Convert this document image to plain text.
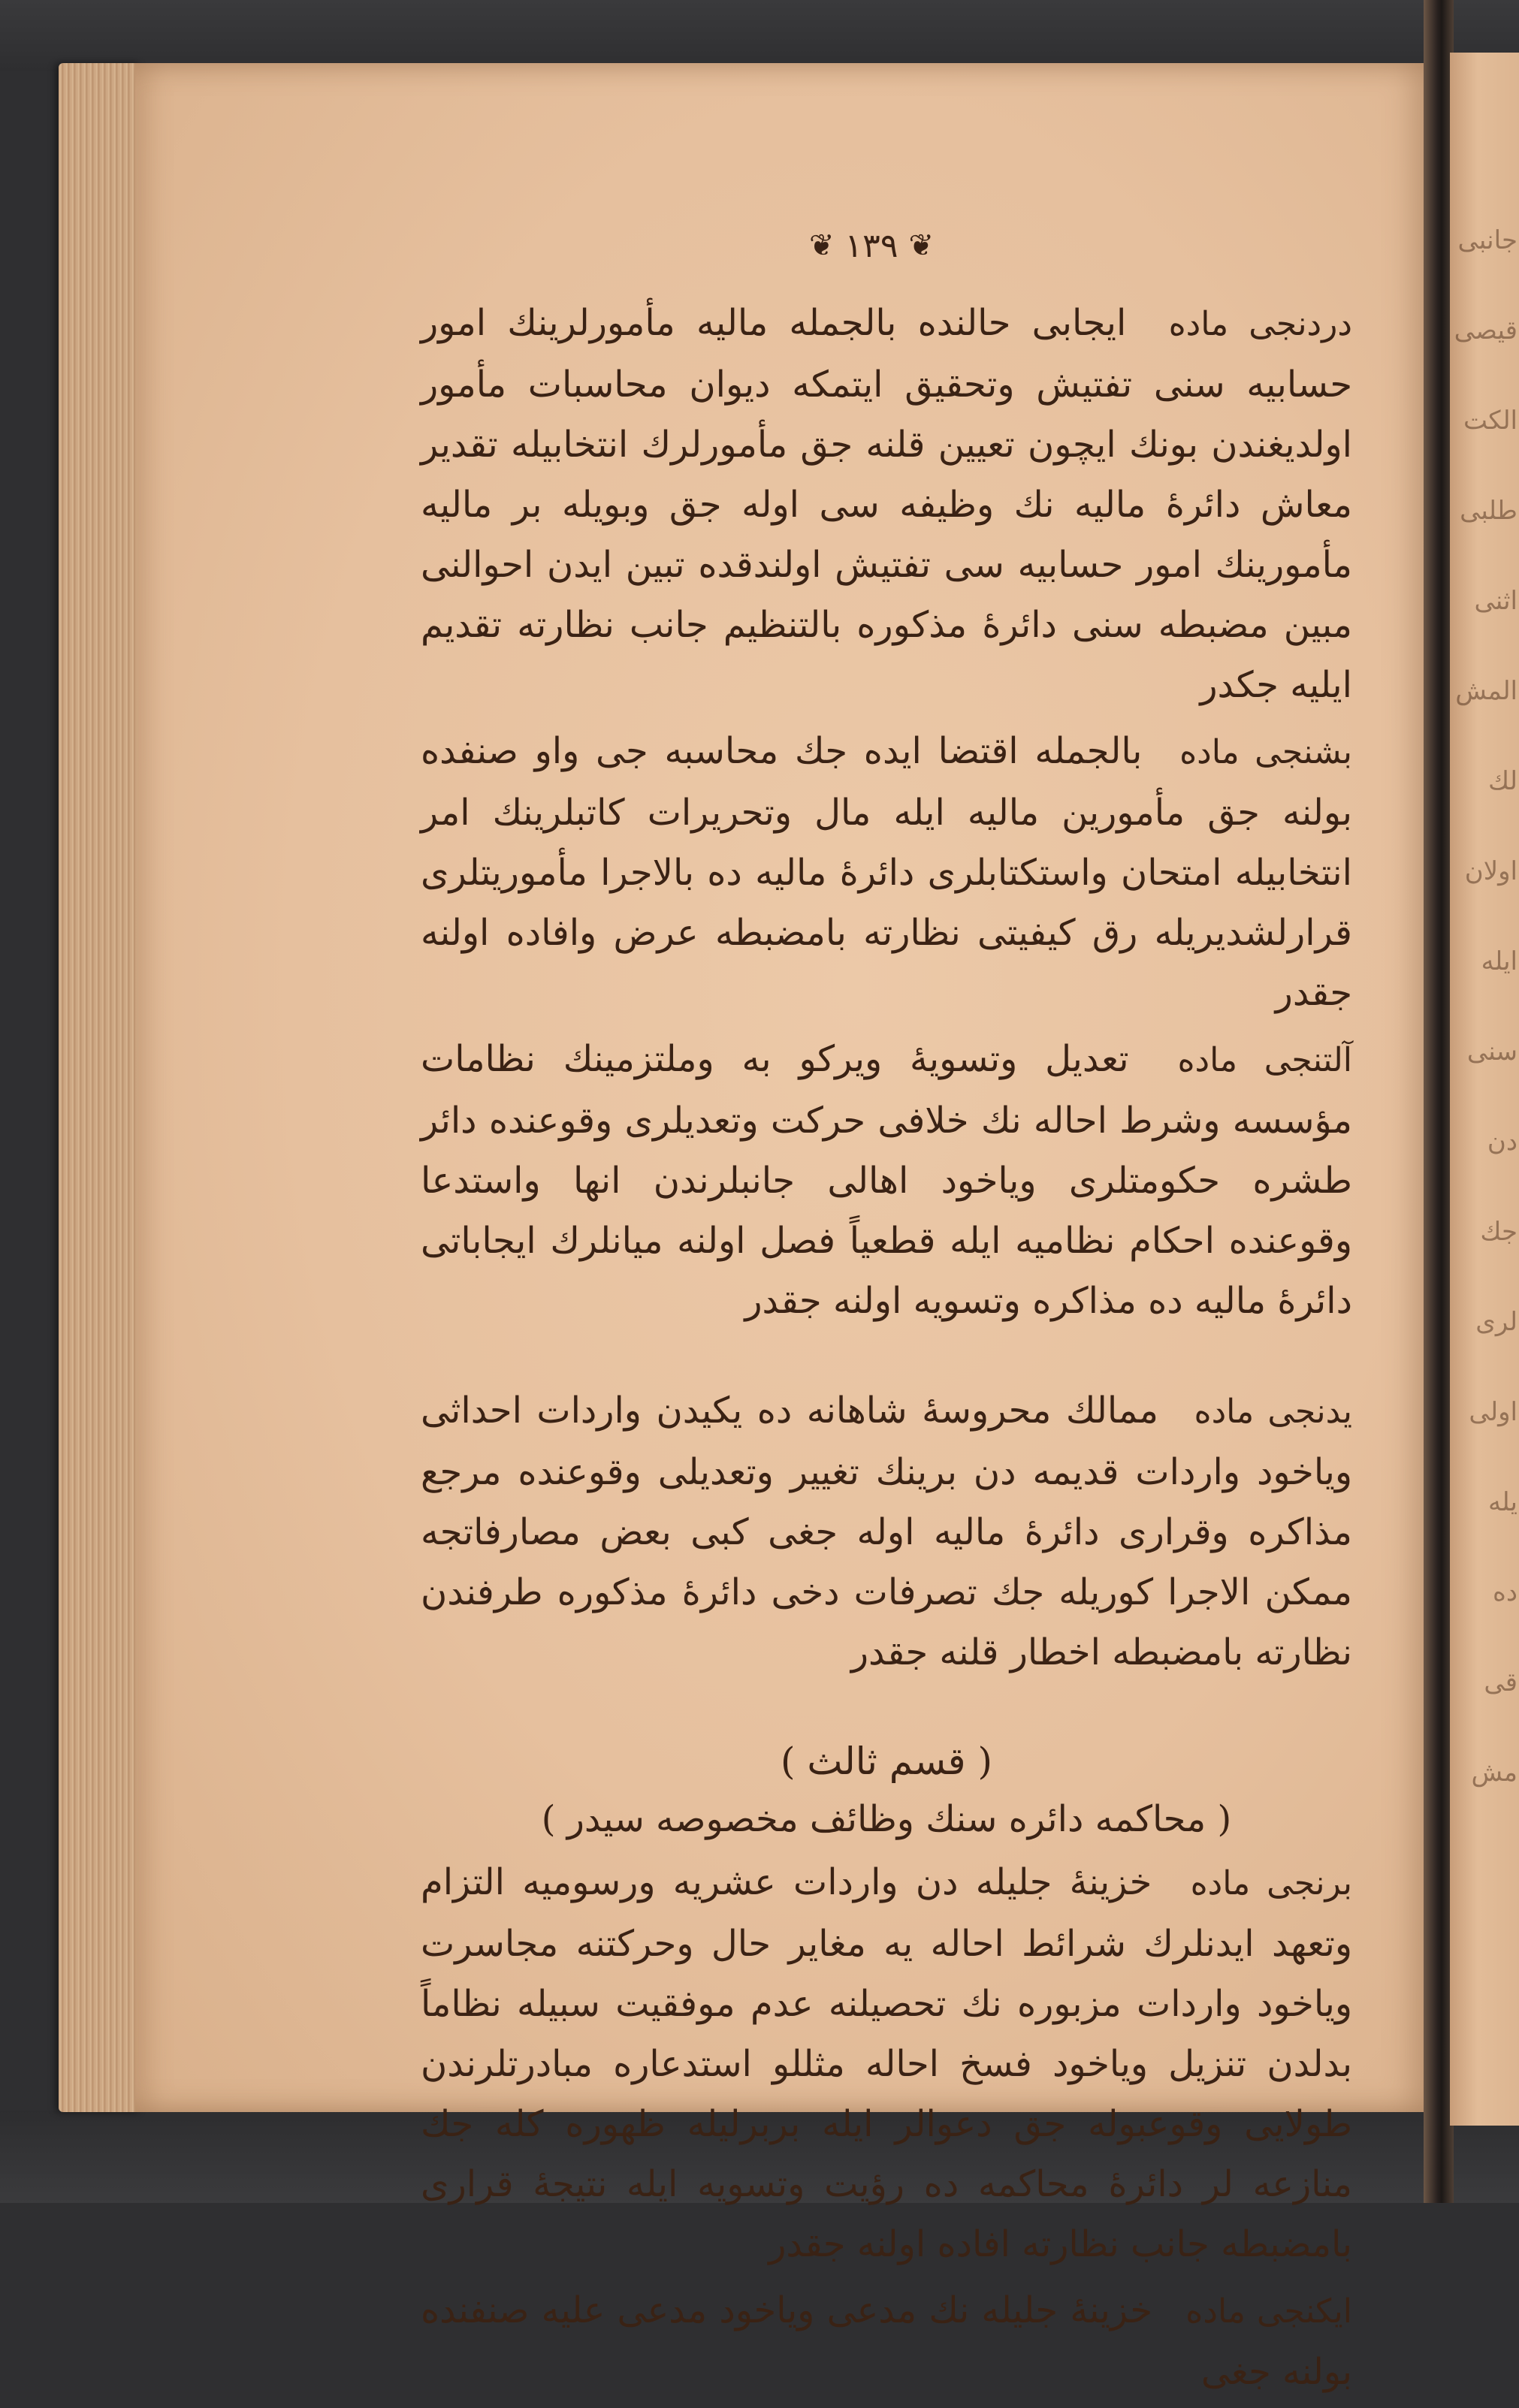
جانبی
قیصی
الکت
طلبی
اثنی
المش
لك
اولان
ایله
سنی
دن
جك
لری
اولی
یله
ده
قی
مش
❦
١٣٩
❦

دردنجی ماده ایجابی حالنده بالجمله مالیه مأمورلرینك امور حسابیه سنی تفتیش وتحقیق ایتمکه دیوان محاسبات مأمور اولدیغندن بونك ایچون تعیین قلنه جق مأمورلرك انتخابیله تقدیر معاش دائرهٔ مالیه نك وظیفه سی اوله جق وبویله بر مالیه مأمورینك امور حسابیه سی تفتیش اولندقده تبین ایدن احوالنی مبین مضبطه سنی دائرهٔ مذکوره بالتنظیم جانب نظارته تقدیم ایلیه جکدر

بشنجی ماده بالجمله اقتضا ایده جك محاسبه جی واو صنفده بولنه جق مأمورین مالیه ایله مال وتحریرات کاتبلرینك امر انتخابیله امتحان واستکتابلری دائرهٔ مالیه ده بالاجرا مأموریتلری قرارلشدیریله رق کیفیتی نظارته بامضبطه عرض وافاده اولنه جقدر

آلتنجی ماده تعدیل وتسویهٔ ویرکو به وملتزمینك نظامات مؤسسه وشرط احاله نك خلافی حرکت وتعدیلری وقوعنده دائر طشره حکومتلری ویاخود اهالی جانبلرندن انها واستدعا وقوعنده احکام نظامیه ایله قطعیاً فصل اولنه میانلرك ایجاباتی دائرهٔ مالیه ده مذاکره وتسویه اولنه جقدر

یدنجی ماده ممالك محروسهٔ شاهانه ده یکیدن واردات احداثی ویاخود واردات قدیمه دن برینك تغییر وتعدیلی وقوعنده مرجع مذاکره وقراری دائرهٔ مالیه اوله جغی کبی بعض مصارفاتجه ممکن الاجرا کوریله جك تصرفات دخی دائرهٔ مذکوره طرفندن نظارته بامضبطه اخطار قلنه جقدر

( قسم ثالث )

( محاکمه دائره سنك وظائف مخصوصه سیدر )

برنجی ماده خزینهٔ جلیله دن واردات عشریه ورسومیه التزام وتعهد ایدنلرك شرائط احاله یه مغایر حال وحرکتنه مجاسرت ویاخود واردات مزبوره نك تحصیلنه عدم موفقیت سبیله نظاماً بدلدن تنزیل ویاخود فسخ احاله مثللو استدعاره مبادرتلرندن طولایی وقوعبوله جق دعوالر ایله بربرلیله ظهوره کله جك منازعه لر دائرهٔ محاکمه ده رؤیت وتسویه ایله نتیجهٔ قراری بامضبطه جانب نظارته افاده اولنه جقدر

ایکنجی ماده خزینهٔ جلیله نك مدعی ویاخود مدعی علیه صنفنده بولنه جغی
